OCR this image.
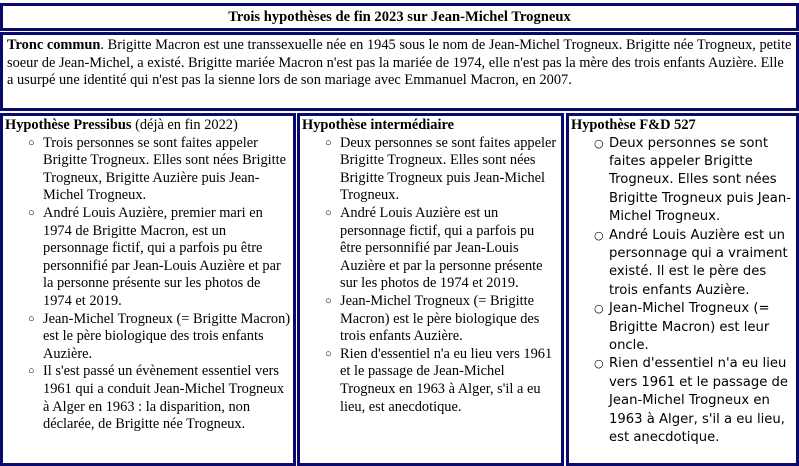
Trois hypothèses de fin 2023 sur Jean-Michel Trogneux
Tronc commun. Brigitte Macron est une transsexuelle née en 1945 sous le nom de Jean-Michel Trogneux. Brigitte née Trogneux, petite soeur de Jean-Michel, a existé. Brigitte mariée Macron n'est pas la mariée de 1974, elle n'est pas la mère des trois enfants Auzière. Elle a usurpé une identité qui n'est pas la sienne lors de son mariage avec Emmanuel Macron, en 2007.
Hypothèse Pressibus (déjà en fin 2022)
○ Trois personnes se sont faites appeler Brigitte Trogneux. Elles sont nées Brigitte Trogneux, Brigitte Auzière puis Jean-Michel Trogneux.
○ André Louis Auzière, premier mari en 1974 de Brigitte Macron, est un personnage fictif, qui a parfois pu être personnifié par Jean-Louis Auzière et par la personne présente sur les photos de 1974 et 2019.
○ Jean-Michel Trogneux (= Brigitte Macron) est le père biologique des trois enfants Auzière.
○ Il s'est passé un évènement essentiel vers 1961 qui a conduit Jean-Michel Trogneux à Alger en 1963 : la disparition, non déclarée, de Brigitte née Trogneux.
Hypothèse intermédiaire
○ Deux personnes se sont faites appeler Brigitte Trogneux. Elles sont nées Brigitte Trogneux puis Jean-Michel Trogneux.
○ André Louis Auzière est un personnage fictif, qui a parfois pu être personnifié par Jean-Louis Auzière et par la personne présente sur les photos de 1974 et 2019.
○ Jean-Michel Trogneux (= Brigitte Macron) est le père biologique des trois enfants Auzière.
○ Rien d'essentiel n'a eu lieu vers 1961 et le passage de Jean-Michel Trogneux en 1963 à Alger, s'il a eu lieu, est anecdotique.
Hypothèse F&D 527
○ Deux personnes se sont faites appeler Brigitte Trogneux. Elles sont nées Brigitte Trogneux puis Jean-Michel Trogneux.
○ André Louis Auzière est un personnage qui a vraiment existé. Il est le père des trois enfants Auzière.
○ Jean-Michel Trogneux (= Brigitte Macron) est leur oncle.
○ Rien d'essentiel n'a eu lieu vers 1961 et le passage de Jean-Michel Trogneux en 1963 à Alger, s'il a eu lieu, est anecdotique.
